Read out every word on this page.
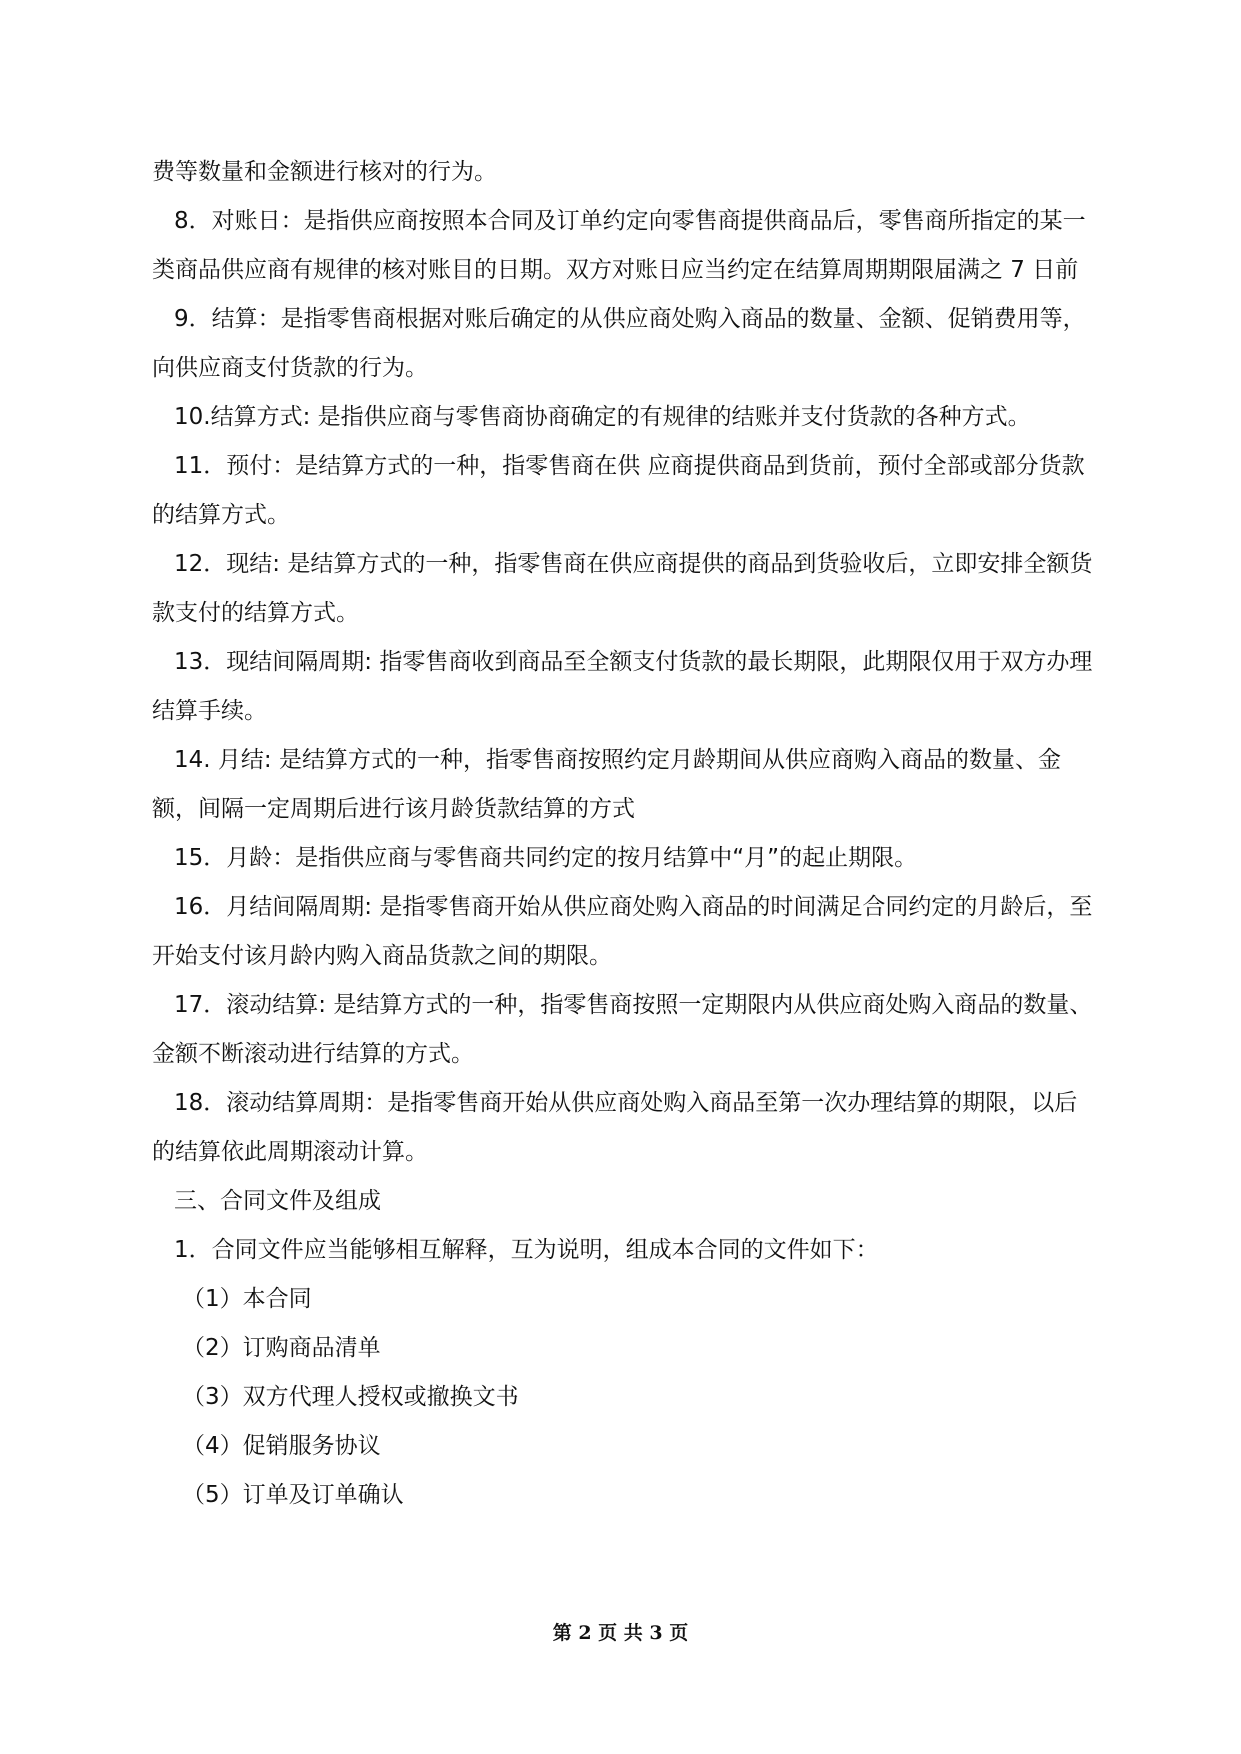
费等数量和金额进行核对的行为。

8．对账日：是指供应商按照本合同及订单约定向零售商提供商品后，零售商所指定的某一类商品供应商有规律的核对账目的日期。双方对账日应当约定在结算周期期限届满之 7 日前

9．结算：是指零售商根据对账后确定的从供应商处购入商品的数量、金额、促销费用等，向供应商支付货款的行为。

10.结算方式: 是指供应商与零售商协商确定的有规律的结账并支付货款的各种方式。

11．预付：是结算方式的一种，指零售商在供 应商提供商品到货前，预付全部或部分货款的结算方式。

12．现结: 是结算方式的一种，指零售商在供应商提供的商品到货验收后，立即安排全额货款支付的结算方式。

13．现结间隔周期: 指零售商收到商品至全额支付货款的最长期限，此期限仅用于双方办理结算手续。

14. 月结: 是结算方式的一种，指零售商按照约定月龄期间从供应商购入商品的数量、金额，间隔一定周期后进行该月龄货款结算的方式

15．月龄：是指供应商与零售商共同约定的按月结算中“月”的起止期限。

16．月结间隔周期: 是指零售商开始从供应商处购入商品的时间满足合同约定的月龄后，至开始支付该月龄内购入商品货款之间的期限。

17．滚动结算: 是结算方式的一种，指零售商按照一定期限内从供应商处购入商品的数量、金额不断滚动进行结算的方式。

18．滚动结算周期：是指零售商开始从供应商处购入商品至第一次办理结算的期限，以后的结算依此周期滚动计算。

三、合同文件及组成

1．合同文件应当能够相互解释，互为说明，组成本合同的文件如下：

（1）本合同

（2）订购商品清单

（3）双方代理人授权或撤换文书

（4）促销服务协议

（5）订单及订单确认

第 2 页 共 3 页
